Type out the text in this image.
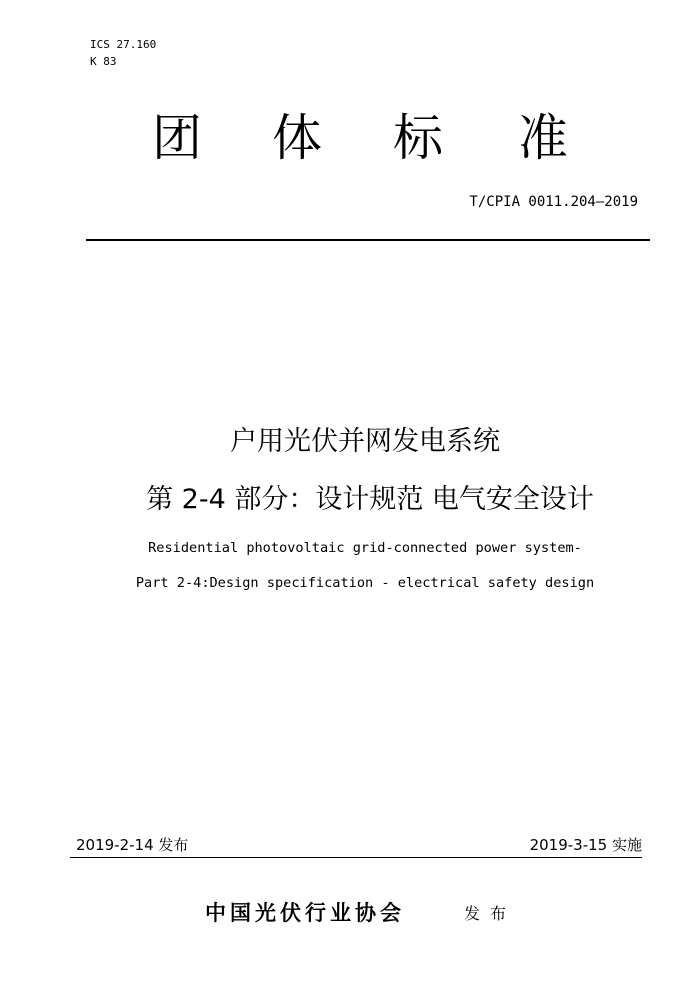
ICS 27.160
K 83
团 体 标 准
T/CPIA 0011.204—2019
户用光伏并网发电系统
第 2-4 部分：设计规范 电气安全设计
Residential photovoltaic grid-connected power system-
Part 2-4:Design specification - electrical safety design
2019-2-14 发布	2019-3-15 实施
中国光伏行业协会	发布
